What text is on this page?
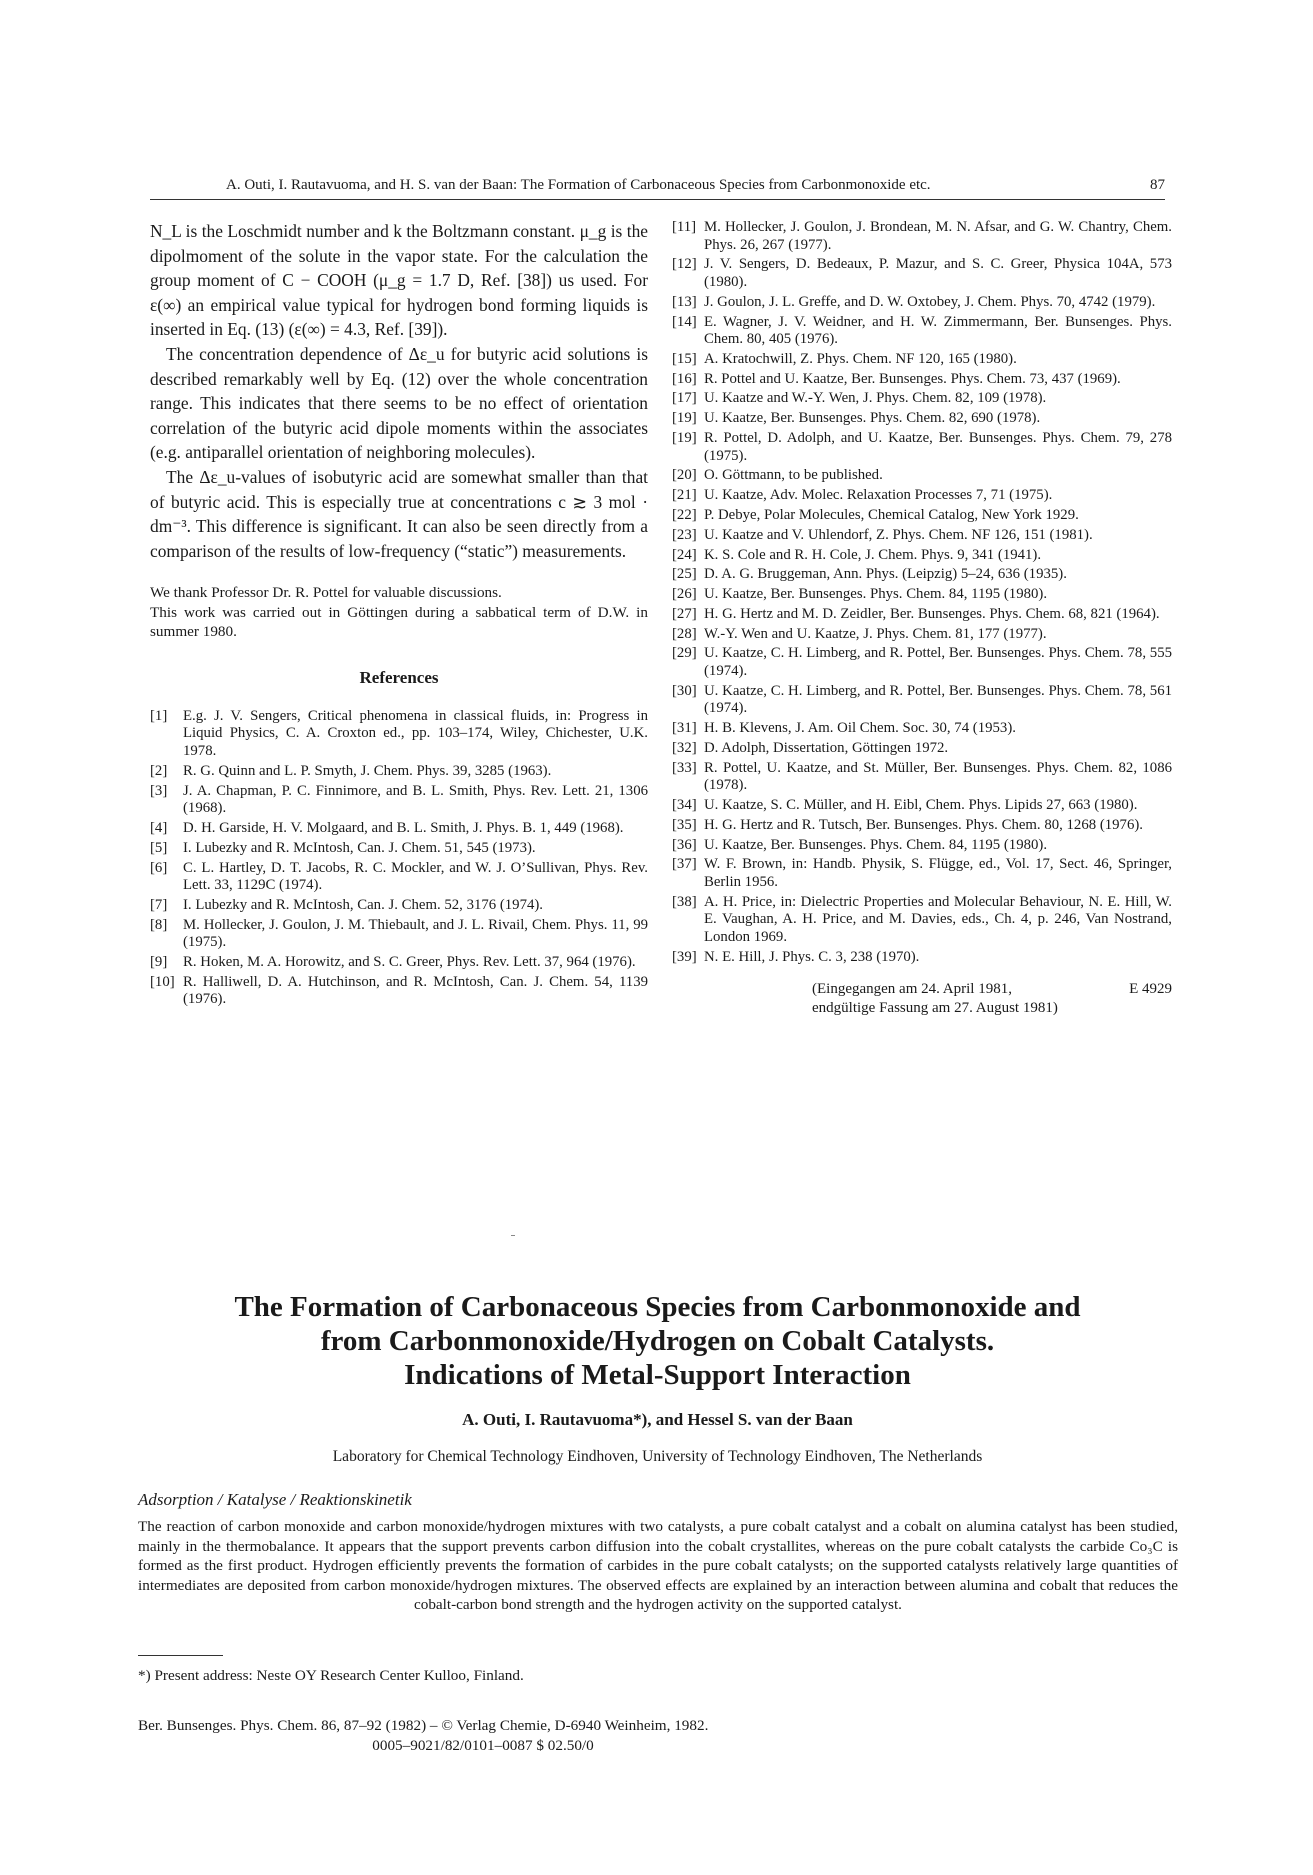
A. Outi, I. Rautavuoma, and H. S. van der Baan: The Formation of Carbonaceous Species from Carbonmonoxide etc.	87

N_L is the Loschmidt number and k the Boltzmann constant. μ_g is the dipolmoment of the solute in the vapor state. For the calculation the group moment of C − COOH (μ_g = 1.7 D, Ref. [38]) us used. For ε(∞) an empirical value typical for hydrogen bond forming liquids is inserted in Eq. (13) (ε(∞) = 4.3, Ref. [39]).

The concentration dependence of Δε_u for butyric acid solutions is described remarkably well by Eq. (12) over the whole concentration range. This indicates that there seems to be no effect of orientation correlation of the butyric acid dipole moments within the associates (e.g. antiparallel orientation of neighboring molecules).

The Δε_u-values of isobutyric acid are somewhat smaller than that of butyric acid. This is especially true at concentrations c ≳ 3 mol · dm⁻³. This difference is significant. It can also be seen directly from a comparison of the results of low-frequency (“static”) measurements.

We thank Professor Dr. R. Pottel for valuable discussions.

This work was carried out in Göttingen during a sabbatical term of D.W. in summer 1980.

References
[1] E.g. J. V. Sengers, Critical phenomena in classical fluids, in: Progress in Liquid Physics, C. A. Croxton ed., pp. 103–174, Wiley, Chichester, U.K. 1978.
[2] R. G. Quinn and L. P. Smyth, J. Chem. Phys. 39, 3285 (1963).
[3] J. A. Chapman, P. C. Finnimore, and B. L. Smith, Phys. Rev. Lett. 21, 1306 (1968).
[4] D. H. Garside, H. V. Molgaard, and B. L. Smith, J. Phys. B. 1, 449 (1968).
[5] I. Lubezky and R. McIntosh, Can. J. Chem. 51, 545 (1973).
[6] C. L. Hartley, D. T. Jacobs, R. C. Mockler, and W. J. O’Sullivan, Phys. Rev. Lett. 33, 1129C (1974).
[7] I. Lubezky and R. McIntosh, Can. J. Chem. 52, 3176 (1974).
[8] M. Hollecker, J. Goulon, J. M. Thiebault, and J. L. Rivail, Chem. Phys. 11, 99 (1975).
[9] R. Hoken, M. A. Horowitz, and S. C. Greer, Phys. Rev. Lett. 37, 964 (1976).
[10] R. Halliwell, D. A. Hutchinson, and R. McIntosh, Can. J. Chem. 54, 1139 (1976).
[11] M. Hollecker, J. Goulon, J. Brondean, M. N. Afsar, and G. W. Chantry, Chem. Phys. 26, 267 (1977).
[12] J. V. Sengers, D. Bedeaux, P. Mazur, and S. C. Greer, Physica 104A, 573 (1980).
[13] J. Goulon, J. L. Greffe, and D. W. Oxtobey, J. Chem. Phys. 70, 4742 (1979).
[14] E. Wagner, J. V. Weidner, and H. W. Zimmermann, Ber. Bunsenges. Phys. Chem. 80, 405 (1976).
[15] A. Kratochwill, Z. Phys. Chem. NF 120, 165 (1980).
[16] R. Pottel and U. Kaatze, Ber. Bunsenges. Phys. Chem. 73, 437 (1969).
[17] U. Kaatze and W.-Y. Wen, J. Phys. Chem. 82, 109 (1978).
[19] U. Kaatze, Ber. Bunsenges. Phys. Chem. 82, 690 (1978).
[19] R. Pottel, D. Adolph, and U. Kaatze, Ber. Bunsenges. Phys. Chem. 79, 278 (1975).
[20] O. Göttmann, to be published.
[21] U. Kaatze, Adv. Molec. Relaxation Processes 7, 71 (1975).
[22] P. Debye, Polar Molecules, Chemical Catalog, New York 1929.
[23] U. Kaatze and V. Uhlendorf, Z. Phys. Chem. NF 126, 151 (1981).
[24] K. S. Cole and R. H. Cole, J. Chem. Phys. 9, 341 (1941).
[25] D. A. G. Bruggeman, Ann. Phys. (Leipzig) 5–24, 636 (1935).
[26] U. Kaatze, Ber. Bunsenges. Phys. Chem. 84, 1195 (1980).
[27] H. G. Hertz and M. D. Zeidler, Ber. Bunsenges. Phys. Chem. 68, 821 (1964).
[28] W.-Y. Wen and U. Kaatze, J. Phys. Chem. 81, 177 (1977).
[29] U. Kaatze, C. H. Limberg, and R. Pottel, Ber. Bunsenges. Phys. Chem. 78, 555 (1974).
[30] U. Kaatze, C. H. Limberg, and R. Pottel, Ber. Bunsenges. Phys. Chem. 78, 561 (1974).
[31] H. B. Klevens, J. Am. Oil Chem. Soc. 30, 74 (1953).
[32] D. Adolph, Dissertation, Göttingen 1972.
[33] R. Pottel, U. Kaatze, and St. Müller, Ber. Bunsenges. Phys. Chem. 82, 1086 (1978).
[34] U. Kaatze, S. C. Müller, and H. Eibl, Chem. Phys. Lipids 27, 663 (1980).
[35] H. G. Hertz and R. Tutsch, Ber. Bunsenges. Phys. Chem. 80, 1268 (1976).
[36] U. Kaatze, Ber. Bunsenges. Phys. Chem. 84, 1195 (1980).
[37] W. F. Brown, in: Handb. Physik, S. Flügge, ed., Vol. 17, Sect. 46, Springer, Berlin 1956.
[38] A. H. Price, in: Dielectric Properties and Molecular Behaviour, N. E. Hill, W. E. Vaughan, A. H. Price, and M. Davies, eds., Ch. 4, p. 246, Van Nostrand, London 1969.
[39] N. E. Hill, J. Phys. C. 3, 238 (1970).
(Eingegangen am 24. April 1981,	E 4929
endgültige Fassung am 27. August 1981)
The Formation of Carbonaceous Species from Carbonmonoxide and
from Carbonmonoxide/Hydrogen on Cobalt Catalysts.
Indications of Metal-Support Interaction
A. Outi, I. Rautavuoma*), and Hessel S. van der Baan
Laboratory for Chemical Technology Eindhoven, University of Technology Eindhoven, The Netherlands
Adsorption / Katalyse / Reaktionskinetik

The reaction of carbon monoxide and carbon monoxide/hydrogen mixtures with two catalysts, a pure cobalt catalyst and a cobalt on alumina catalyst has been studied, mainly in the thermobalance. It appears that the support prevents carbon diffusion into the cobalt crystallites, whereas on the pure cobalt catalysts the carbide Co₃C is formed as the first product. Hydrogen efficiently prevents the formation of carbides in the pure cobalt catalysts; on the supported catalysts relatively large quantities of intermediates are deposited from carbon monoxide/hydrogen mixtures. The observed effects are explained by an interaction between alumina and cobalt that reduces the cobalt-carbon bond strength and the hydrogen activity on the supported catalyst.

*) Present address: Neste OY Research Center Kulloo, Finland.
Ber. Bunsenges. Phys. Chem. 86, 87–92 (1982) – © Verlag Chemie, D-6940 Weinheim, 1982.
0005–9021/82/0101–0087 $ 02.50/0
